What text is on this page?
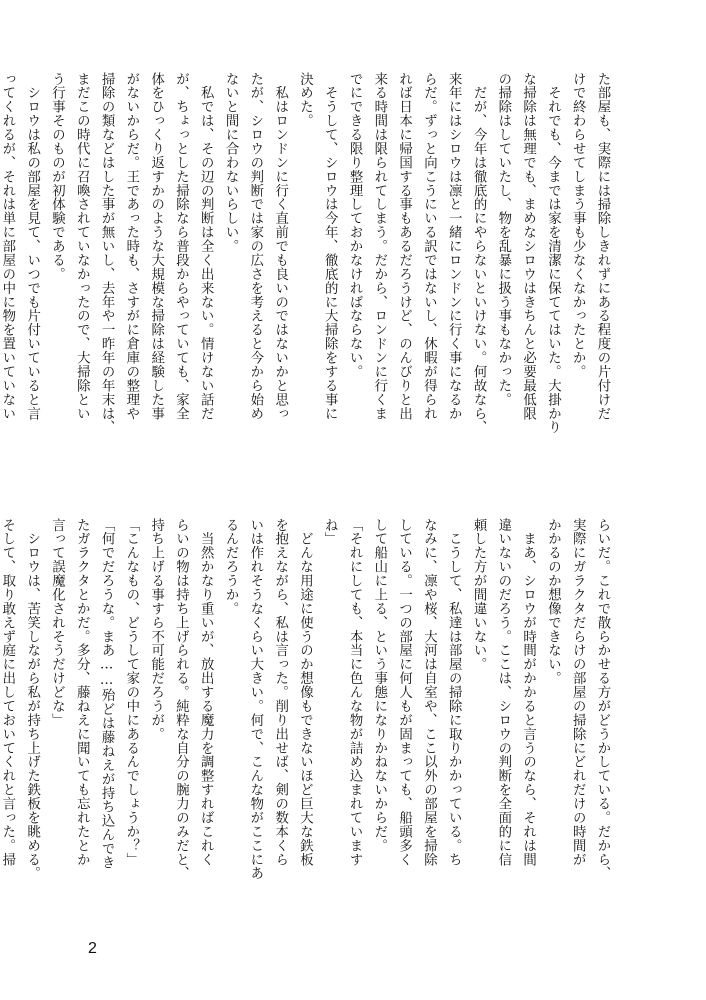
た部屋も、実際には掃除しきれずにある程度の片付けだ
けで終わらせてしまう事も少なくなかったとか。
　それでも、今までは家を清潔に保ててはいた。大掛かり
な掃除は無理でも、まめなシロウはきちんと必要最低限
の掃除はしていたし、物を乱暴に扱う事もなかった。
　だが、今年は徹底的にやらないといけない。何故なら、
来年にはシロウは凛と一緒にロンドンに行く事になるか
らだ。ずっと向こうにいる訳ではないし、休暇が得られ
れば日本に帰国する事もあるだろうけど、のんびりと出
来る時間は限られてしまう。だから、ロンドンに行くま
でにできる限り整理しておかなければならない。
　そうして、シロウは今年、徹底的に大掃除をする事に
決めた。
　私はロンドンに行く直前でも良いのではないかと思っ
たが、シロウの判断では家の広さを考えると今から始め
ないと間に合わないらしい。
　私では、その辺の判断は全く出来ない。情けない話だ
が、ちょっとした掃除なら普段からやっていても、家全
体をひっくり返すかのような大規模な掃除は経験した事
がないからだ。王であった時も、さすがに倉庫の整理や
掃除の類などはした事が無いし、去年や一昨年の年末は、
まだこの時代に召喚されていなかったので、大掃除とい
う行事そのものが初体験である。
　シロウは私の部屋を見て、いつでも片付いていると言
ってくれるが、それは単に部屋の中に物を置いていない
らいだ。これで散らかせる方がどうかしている。だから、
実際にガラクタだらけの部屋の掃除にどれだけの時間が
かかるのか想像できない。
　まあ、シロウが時間がかかると言うのなら、それは間
違いないのだろう。ここは、シロウの判断を全面的に信
頼した方が間違いない。
　こうして、私達は部屋の掃除に取りかかっている。ち
なみに、凛や桜、大河は自室や、ここ以外の部屋を掃除
している。一つの部屋に何人もが固まっても、船頭多く
して船山に上る、という事態になりかねないからだ。
「それにしても、本当に色んな物が詰め込まれています
ね」
　どんな用途に使うのか想像もできないほど巨大な鉄板
を抱えながら、私は言った。削り出せば、剣の数本くら
いは作れそうなくらい大きい。何で、こんな物がここにあ
るんだろうか。
　当然かなり重いが、放出する魔力を調整すればこれく
らいの物は持ち上げられる。純粋な自分の腕力のみだと、
持ち上げる事すら不可能だろうが。
「こんなもの、どうして家の中にあるんでしょうか？」
「何でだろうな。まあ……殆どは藤ねえが持ち込んでき
たガラクタとかだ。多分、藤ねえに聞いても忘れたとか
言って誤魔化されそうだけどな」
　シロウは、苦笑しながら私が持ち上げた鉄板を眺める。
そして、取り敢えず庭に出しておいてくれと言った。掃
2
